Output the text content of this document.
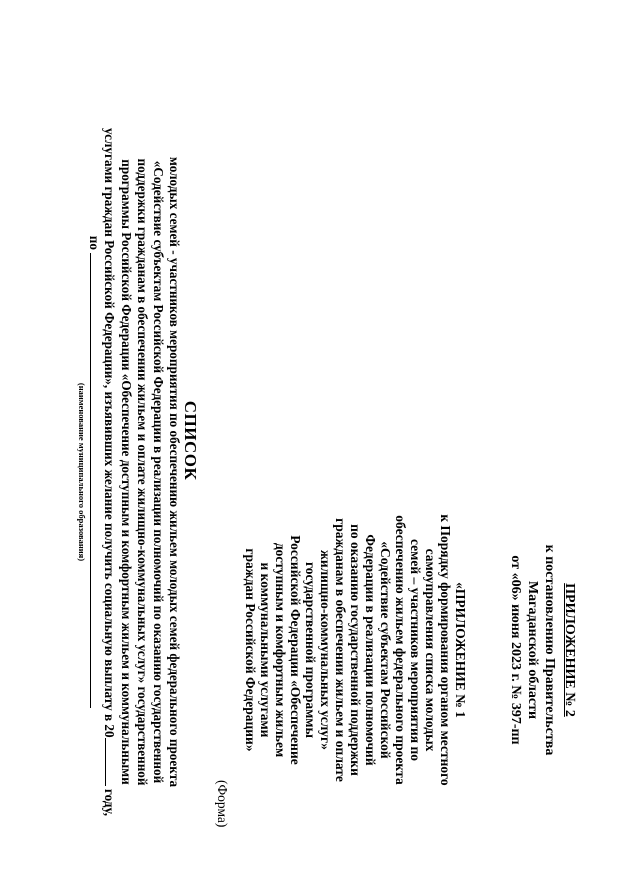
ПРИЛОЖЕНИЕ № 2
к постановлению Правительства
Магаданской области
от «06» июня 2023 г. № 397-пп
«ПРИЛОЖЕНИЕ № 1
к Порядку формирования органом местного
самоуправления списка молодых
семей – участников мероприятия по
обеспечению жильем федерального проекта
«Содействие субъектам Российской
Федерации в реализации полномочий
по оказанию государственной поддержки
гражданам в обеспечении жильем и оплате
жилищно-коммунальных услуг»
государственной программы
Российской Федерации «Обеспечение
доступным и комфортным жильем
и коммунальными услугами
граждан Российской Федерации»
(Форма)
СПИСОК
молодых семей - участников мероприятия по обеспечению жильем молодых семей федерального проекта
«Содействие субъектам Российской Федерации в реализации полномочий по оказанию государственной
поддержки гражданам в обеспечении жильем и оплате жилищно-коммунальных услуг» государственной
программы Российской Федерации «Обеспечение доступным и комфортным жильем и коммунальными
услугами граждан Российской Федерации», изъявивших желание получить социальную выплату в 20 году,
по
(наименование муниципального образования)
